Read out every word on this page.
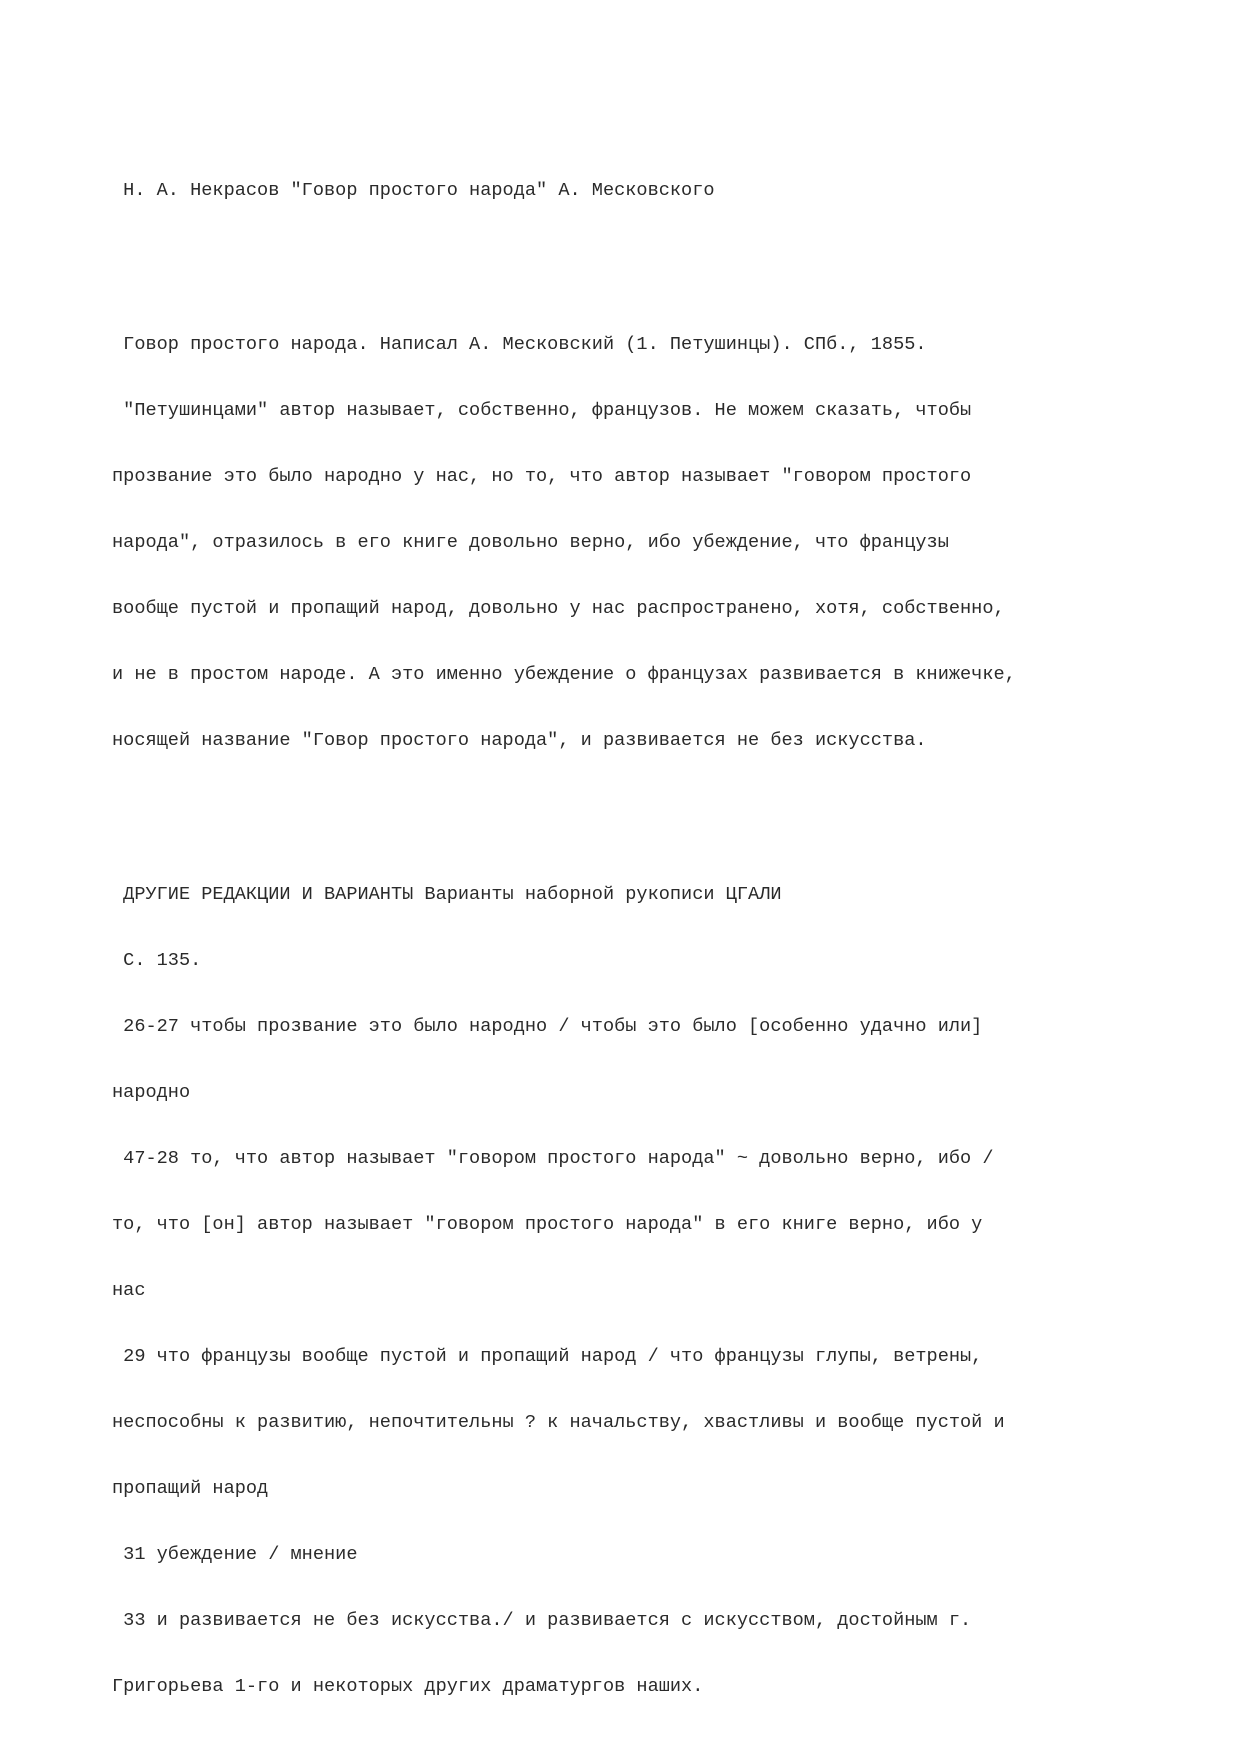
Н. А. Некрасов "Говор простого народа" А. Месковского

Говор простого народа. Написал А. Месковский (1. Петушинцы). СПб., 1855.

"Петушинцами" автор называет, собственно, французов. Не можем сказать, чтобы

прозвание это было народно у нас, но то, что автор называет "говором простого

народа", отразилось в его книге довольно верно, ибо убеждение, что французы

вообще пустой и пропащий народ, довольно у нас распространено, хотя, собственно,

и не в простом народе. А это именно убеждение о французах развивается в книжечке,

носящей название "Говор простого народа", и развивается не без искусства.

ДРУГИЕ РЕДАКЦИИ И ВАРИАНТЫ Варианты наборной рукописи ЦГАЛИ

С. 135.

26-27 чтобы прозвание это было народно / чтобы это было [особенно удачно или]

народно

47-28 то, что автор называет "говором простого народа" ~ довольно верно, ибо /

то, что [он] автор называет "говором простого народа" в его книге верно, ибо у

нас

29 что французы вообще пустой и пропащий народ / что французы глупы, ветрены,

неспособны к развитию, непочтительны ? к начальству, хвастливы и вообще пустой и

пропащий народ

31 убеждение / мнение

33 и развивается не без искусства./ и развивается с искусством, достойным г.

Григорьева 1-го и некоторых других драматургов наших.
